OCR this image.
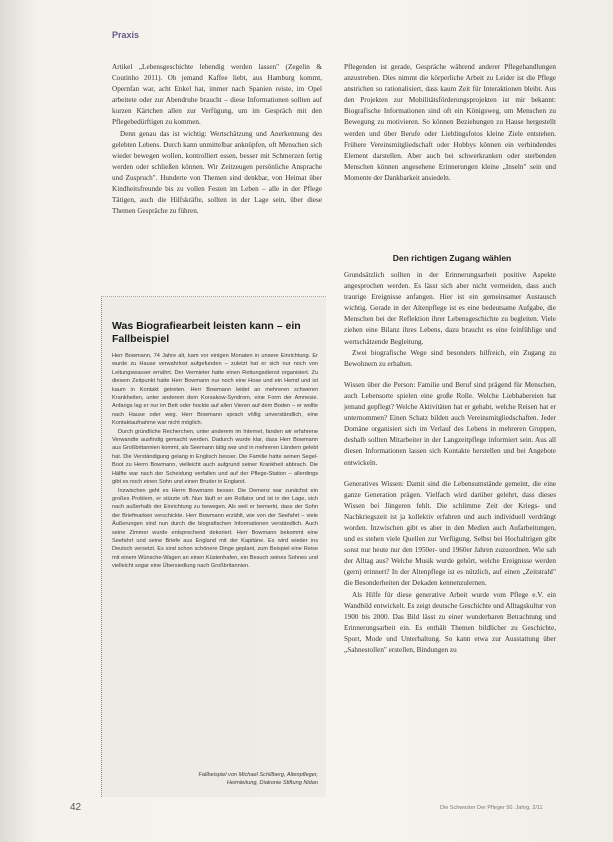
Praxis

Artikel „Lebensgeschichte lebendig werden lassen" (Zegelin & Coutinho 2011). Ob jemand Kaffee liebt, aus Hamburg kommt, Opernfan war, acht Enkel hat, immer nach Spanien reiste, im Opel arbeitete oder zur Abendruhe braucht – diese Informationen sollten auf kurzen Kärtchen allen zur Verfügung, um im Gespräch mit den Pflegebedürftigen zu kommen.

Denn genau das ist wichtig: Wertschätzung und Anerkennung des gelebten Lebens. Durch kann unmittelbar anknüpfen, oft Menschen sich wieder bewegen wollen, kontrolliert essen, besser mit Schmerzen fertig werden oder schließen können. Wir Zeitzeugen persönliche Ansprache und Zuspruch". Hunderte von Themen sind denkbar, von Heimat über Kindheitsfreunde bis zu vollen Festen im Leben – alle in der Pflege Tätigen, auch die Hilfskräfte, sollten in der Lage sein, über diese Themen Gespräche zu führen.

Pflegenden ist gerade, Gespräche während anderer Pflegehandlungen anzustreben. Dies nimmt die körperliche Arbeit zu Leider ist die Pflege anstrichen so rationalisiert, dass kaum Zeit für Interaktionen bleibt. Aus den Projekten zur Mobilitätsförderungsprojekten ist mir bekannt: Biografische Informationen sind oft ein Königsweg, um Menschen zu Bewegung zu motivieren. So können Beziehungen zu Hause hergestellt werden und über Berufe oder Lieblingsfotos kleine Ziele entstehen. Frühere Vereinsmitgliedschaft oder Hobbys können ein verbindendes Element darstellen. Aber auch bei schwerkranken oder sterbenden Menschen können angesehene Erinnerungen kleine „Inseln" sein und Momente der Dankbarkeit ansiedeln.

Den richtigen Zugang wählen

Grundsätzlich sollten in der Erinnerungsarbeit positive Aspekte angesprochen werden. Es lässt sich aber nicht vermeiden, dass auch traurige Ereignisse anfangen. Hier ist ein gemeinsamer Austausch wichtig. Gerade in der Altenpflege ist es eine bedeutsame Aufgabe, die Menschen bei der Reflektion ihrer Lebensgeschichte zu begleiten. Viele ziehen eine Bilanz ihres Lebens, dazu braucht es eine feinfühlige und wertschätzende Begleitung.

Zwei biografische Wege sind besonders hilfreich, ein Zugang zu Bewohnern zu erhalten.

Wissen über die Person: Familie und Beruf sind prägend für Menschen, auch Lebensorte spielen eine große Rolle. Welche Liebhabereien hat jemand gepflegt? Welche Aktivitäten hat er gehabt, welche Reisen hat er unternommen? Einen Schatz bilden auch Vereinsmitgliedschaften. Jeder Domäne organisiert sich im Verlauf des Lebens in mehreren Gruppen, deshalb sollten Mitarbeiter in der Langzeitpflege informiert sein. Aus all diesen Informationen lassen sich Kontakte herstellen und bei Angebote entwickeln.

Generatives Wissen: Damit sind die Lebensumstände gemeint, die eine ganze Generation prägen. Vielfach wird darüber gelehrt, dass dieses Wissen bei Jüngeren fehlt. Die schlimme Zeit der Kriegs- und Nachkriegszeit ist ja kollektiv erfahren und auch individuell verdrängt worden. Inzwischen gibt es aber in den Medien auch Aufarbeitungen, und es stehen viele Quellen zur Verfügung. Selbst bei Hochaltrigen gibt sonst nur heute nur den 1950er- und 1960er Jahren zuzuordnen. Wie sah der Alltag aus? Welche Musik wurde gehört, welche Ereignisse werden (gern) erinnert? In der Altenpflege ist es nützlich, auf einen „Zeitstrahl" die Besonderheiten der Dekaden kennenzulernen.

Als Hilfe für diese generative Arbeit wurde vom Pflege e.V. ein Wandbild entwickelt. Es zeigt deutsche Geschichte und Alltagskultur von 1900 bis 2000. Das Bild lässt zu einer wunderbaren Betrachtung und Erinnerungsarbeit ein. Es enthält Themen bildlicher zu Geschichte, Sport, Mode und Unterhaltung. So kann etwa zur Ausstattung über „Sahnestollen" erstellen, Bindungen zu

Was Biografiearbeit leisten kann – ein Fallbeispiel

Herr Bowmann, 74 Jahre alt, kam vor einigen Monaten in unsere Einrichtung. Er wurde zu Hause verwahrlost aufgefunden – zuletzt hat er sich nur noch von Leitungswasser ernährt. Der Vermieter hatte einen Rettungsdienst organisiert. Zu diesem Zeitpunkt hatte Herr Bowmann nur noch eine Hose und ein Hemd und ist kaum in Kontakt getreten. Herr Bowmann leidet an mehreren schweren Krankheiten, unter anderem dem Korsakow-Syndrom, eine Form der Amnesie. Anfangs lag er nur im Bett oder hockte auf allen Vieren auf dem Boden – er wollte nach Hause oder weg. Herr Bowmann sprach völlig unverständlich, eine Kontaktaufnahme war nicht möglich.

Durch gründliche Recherchen, unter anderem im Internet, fanden wir erfahrene Verwandte ausfindig gemacht werden. Dadurch wurde klar, dass Herr Bowmann aus Großbritannien kommt, als Seemann tätig war und in mehreren Ländern gelebt hat. Die Verständigung gelang in Englisch besser. Die Familie hatte seinen Segel-Boot zu Herrn Bowmann, vielleicht auch aufgrund seiner Krankheit abbrach. Die Hälfte war nach der Scheidung verfallen und auf der Pflege-Station – allerdings gibt es noch einen Sohn und einen Bruder in England.

Inzwischen geht es Herrn Bowmann besser. Die Demenz war zunächst ein großes Problem, er stürzte oft. Nun läuft er am Rollator und ist in der Lage, sich nach außerhalb der Einrichtung zu bewegen. Als weil er bemerkt, dass der Sohn der Briefmarken verschickte. Herr Bowmann erzählt, wie von der Seefahrt – viele Äußerungen sind nun durch die biografischen Informationen verständlich. Auch seine Zimmer wurde entsprechend dekoriert. Herr Bowmann bekommt eine Seefahrt und seine Briefe aus England mit der Kapitäne. Es wird wieder ins Deutsch versetzt. Es sind schon schönere Dinge geplant, zum Beispiel eine Reise mit einem Wünsche-Wagen an einen Küstenhafen, ein Besuch seines Sohnes und vielleicht sogar eine Übersiedlung nach Großbritannien.

Fallbeispiel von Michael Schillberg, Altenpfleger,
Heimleitung, Diakonie Stiftung Nidan
42	Die Schwester Der Pfleger 50. Jahrg. 2/11
